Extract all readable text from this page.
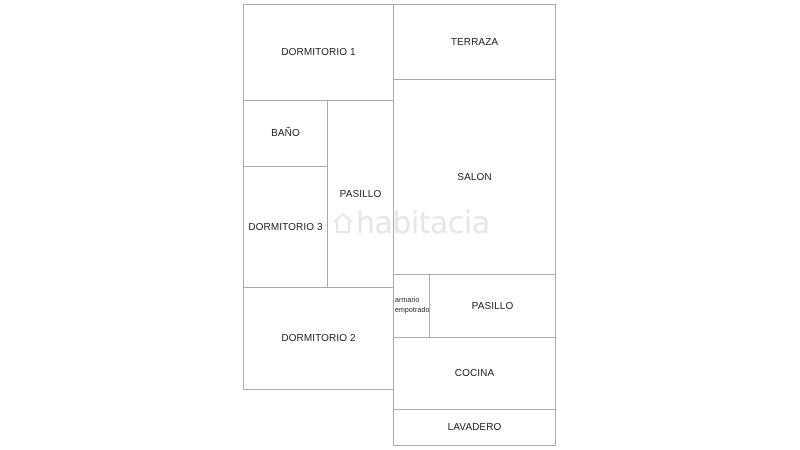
DORMITORIO 1
TERRAZA
BAÑO
PASILLO
SALON
DORMITORIO 3
armario empotrado	PASILLO
DORMITORIO 2
COCINA
LAVADERO
habitacia
